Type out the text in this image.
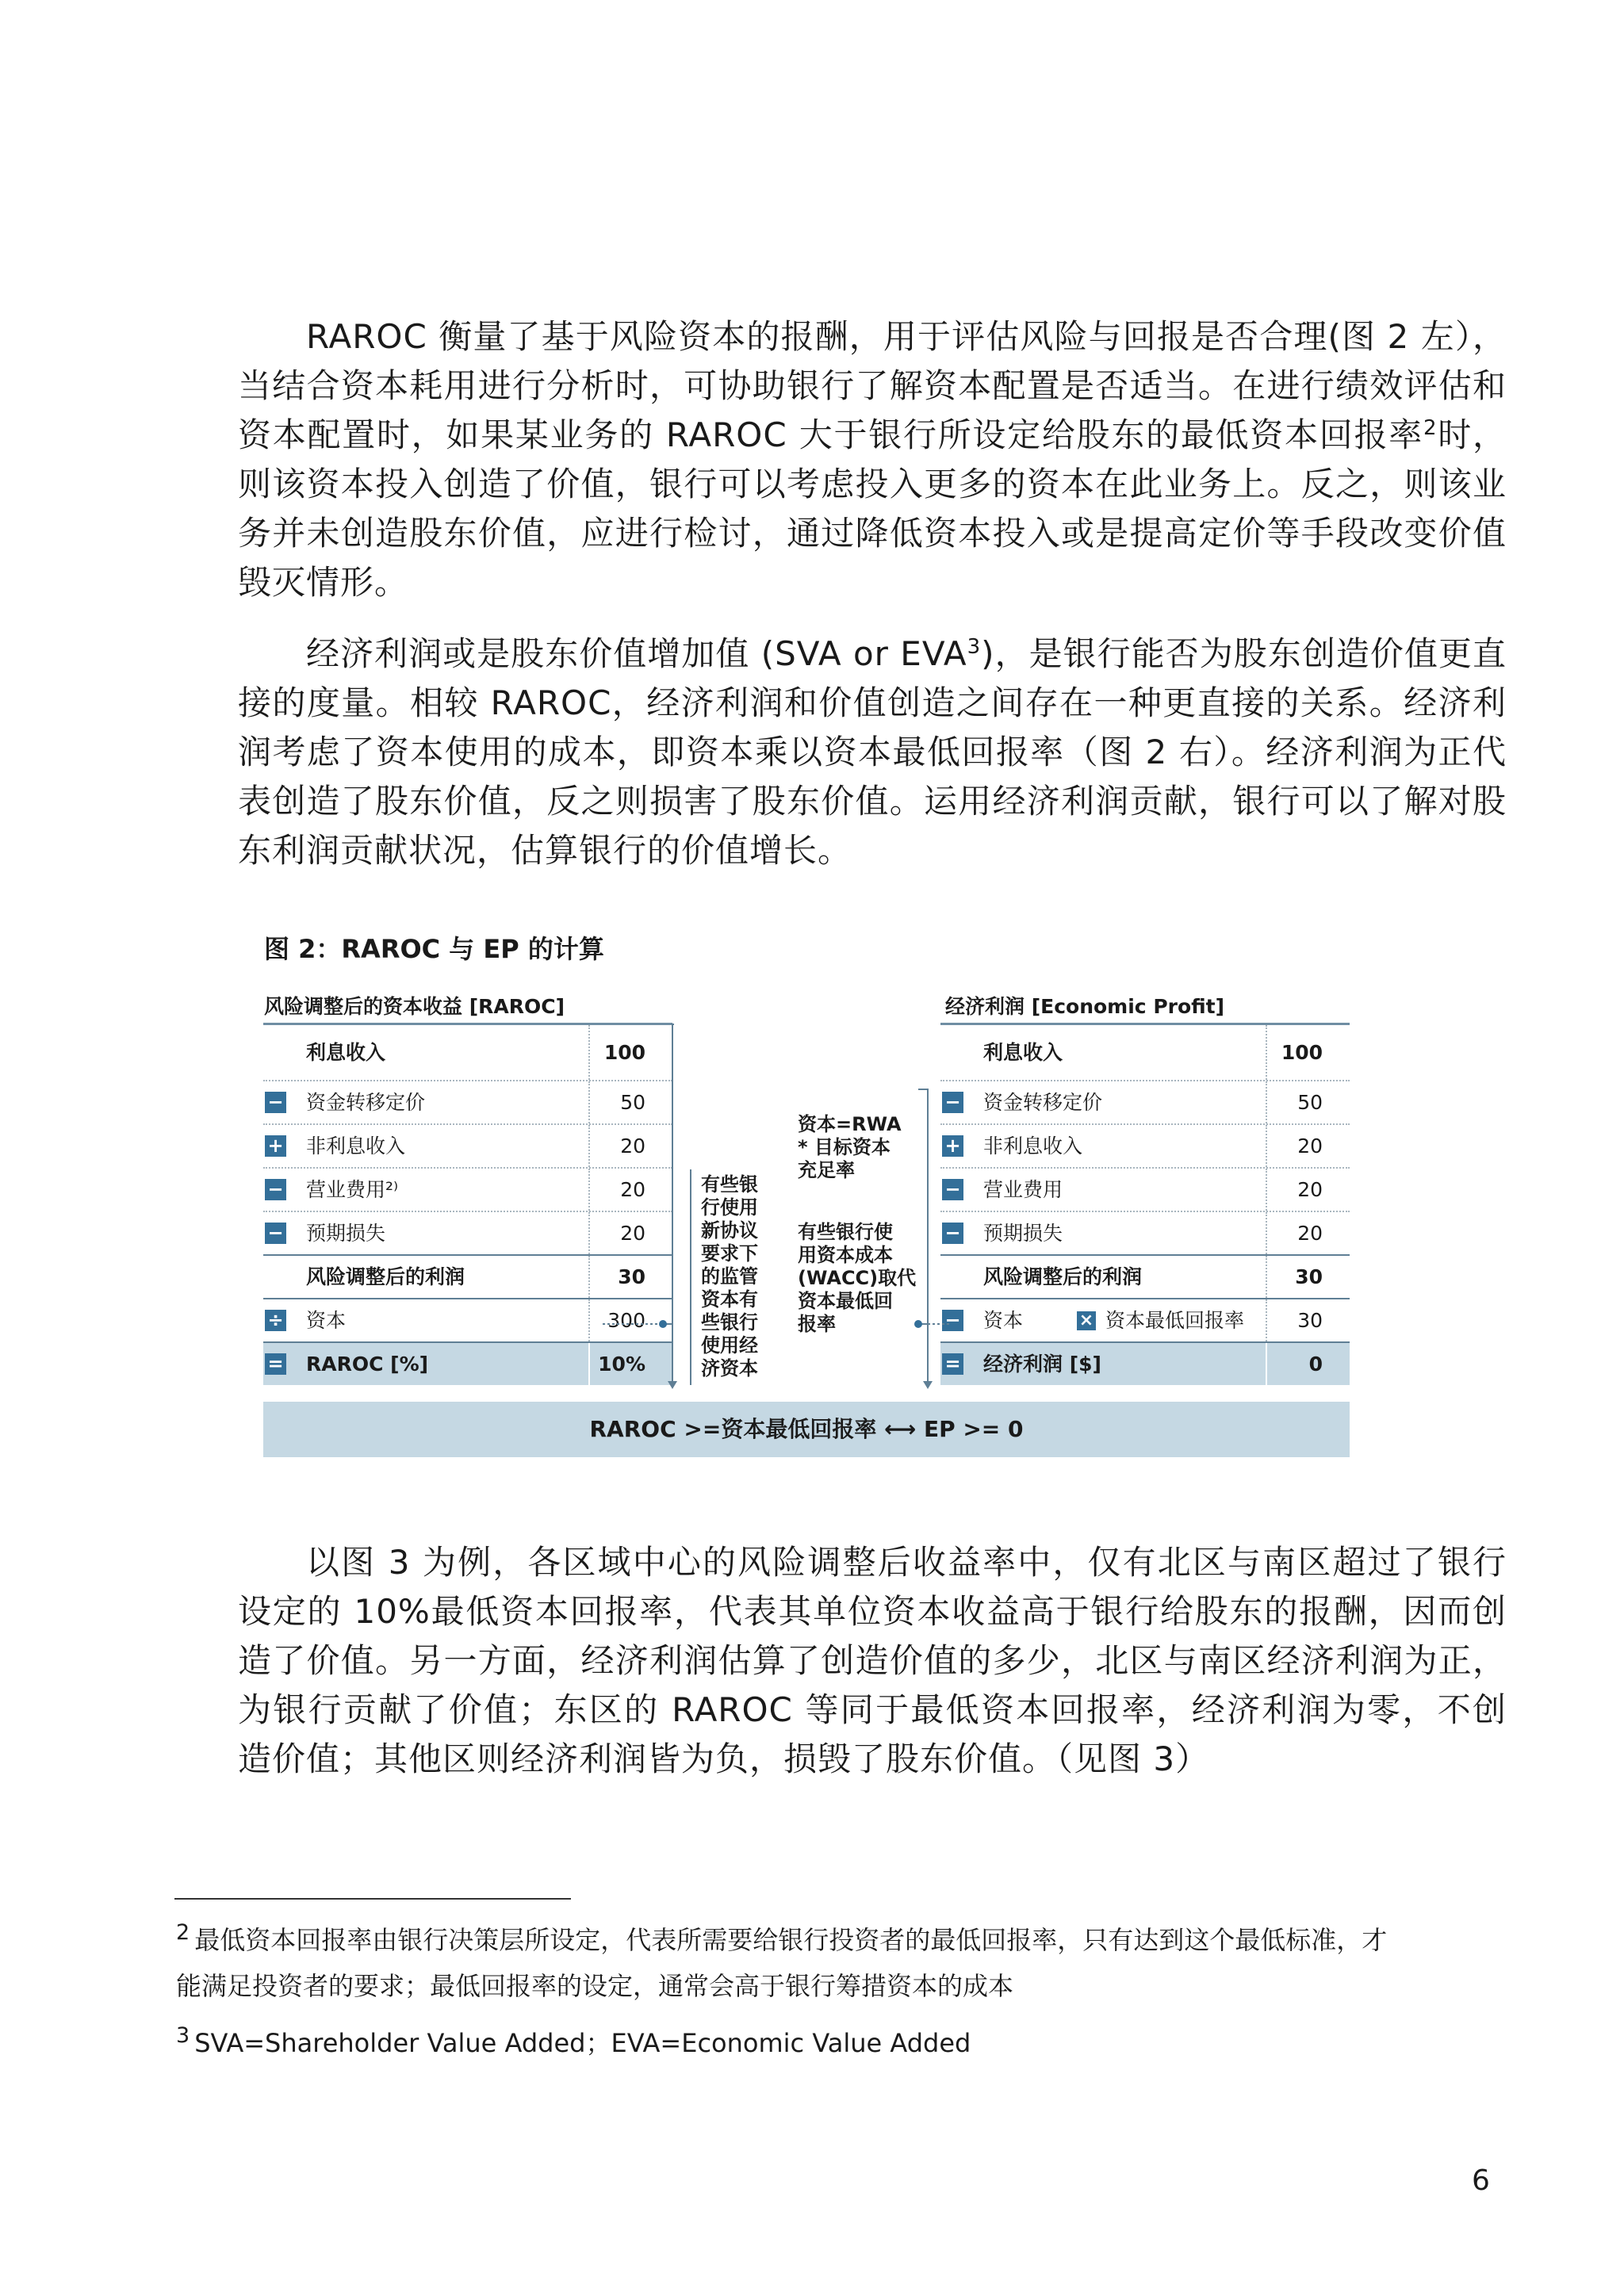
RAROC 衡量了基于风险资本的报酬，用于评估风险与回报是否合理(图 2 左），当结合资本耗用进行分析时，可协助银行了解资本配置是否适当。在进行绩效评估和资本配置时，如果某业务的 RAROC 大于银行所设定给股东的最低资本回报率$^2$时，则该资本投入创造了价值，银行可以考虑投入更多的资本在此业务上。反之，则该业务并未创造股东价值，应进行检讨，通过降低资本投入或是提高定价等手段改变价值毁灭情形。

经济利润或是股东价值增加值 (SVA or EVA$^3$)，是银行能否为股东创造价值更直接的度量。相较 RAROC，经济利润和价值创造之间存在一种更直接的关系。经济利润考虑了资本使用的成本，即资本乘以资本最低回报率（图 2 右）。经济利润为正代表创造了股东价值，反之则损害了股东价值。运用经济利润贡献，银行可以了解对股东利润贡献状况，估算银行的价值增长。

图 2：RAROC 与 EP 的计算
风险调整后的资本收益 [RAROC]	经济利润 [Economic Profit]
利息收入	100
− 资金转移定价	50
+ 非利息收入	20
− 营业费用²⁾	20
− 预期损失	20
风险调整后的利润	30
÷ 资本	300
= RAROC [%]	10%
利息收入	100
− 资金转移定价	50
+ 非利息收入	20
− 营业费用	20
− 预期损失	20
风险调整后的利润	30
− 资本	× 资本最低回报率	30
= 经济利润 [$]	0
有些银
行使用
新协议
要求下
的监管
资本有
些银行
使用经
济资本
资本=RWA
* 目标资本
充足率
有些银行使
用资本成本
(WACC)取代
资本最低回
报率
RAROC >=资本最低回报率 ⟷ EP >= 0

以图 3 为例，各区域中心的风险调整后收益率中，仅有北区与南区超过了银行设定的 10%最低资本回报率，代表其单位资本收益高于银行给股东的报酬，因而创造了价值。另一方面，经济利润估算了创造价值的多少，北区与南区经济利润为正，为银行贡献了价值；东区的 RAROC 等同于最低资本回报率，经济利润为零，不创造价值；其他区则经济利润皆为负，损毁了股东价值。（见图 3）

$^2$ 最低资本回报率由银行决策层所设定，代表所需要给银行投资者的最低回报率，只有达到这个最低标准，才
能满足投资者的要求；最低回报率的设定，通常会高于银行筹措资本的成本
$^3$ SVA=Shareholder Value Added；EVA=Economic Value Added
6
